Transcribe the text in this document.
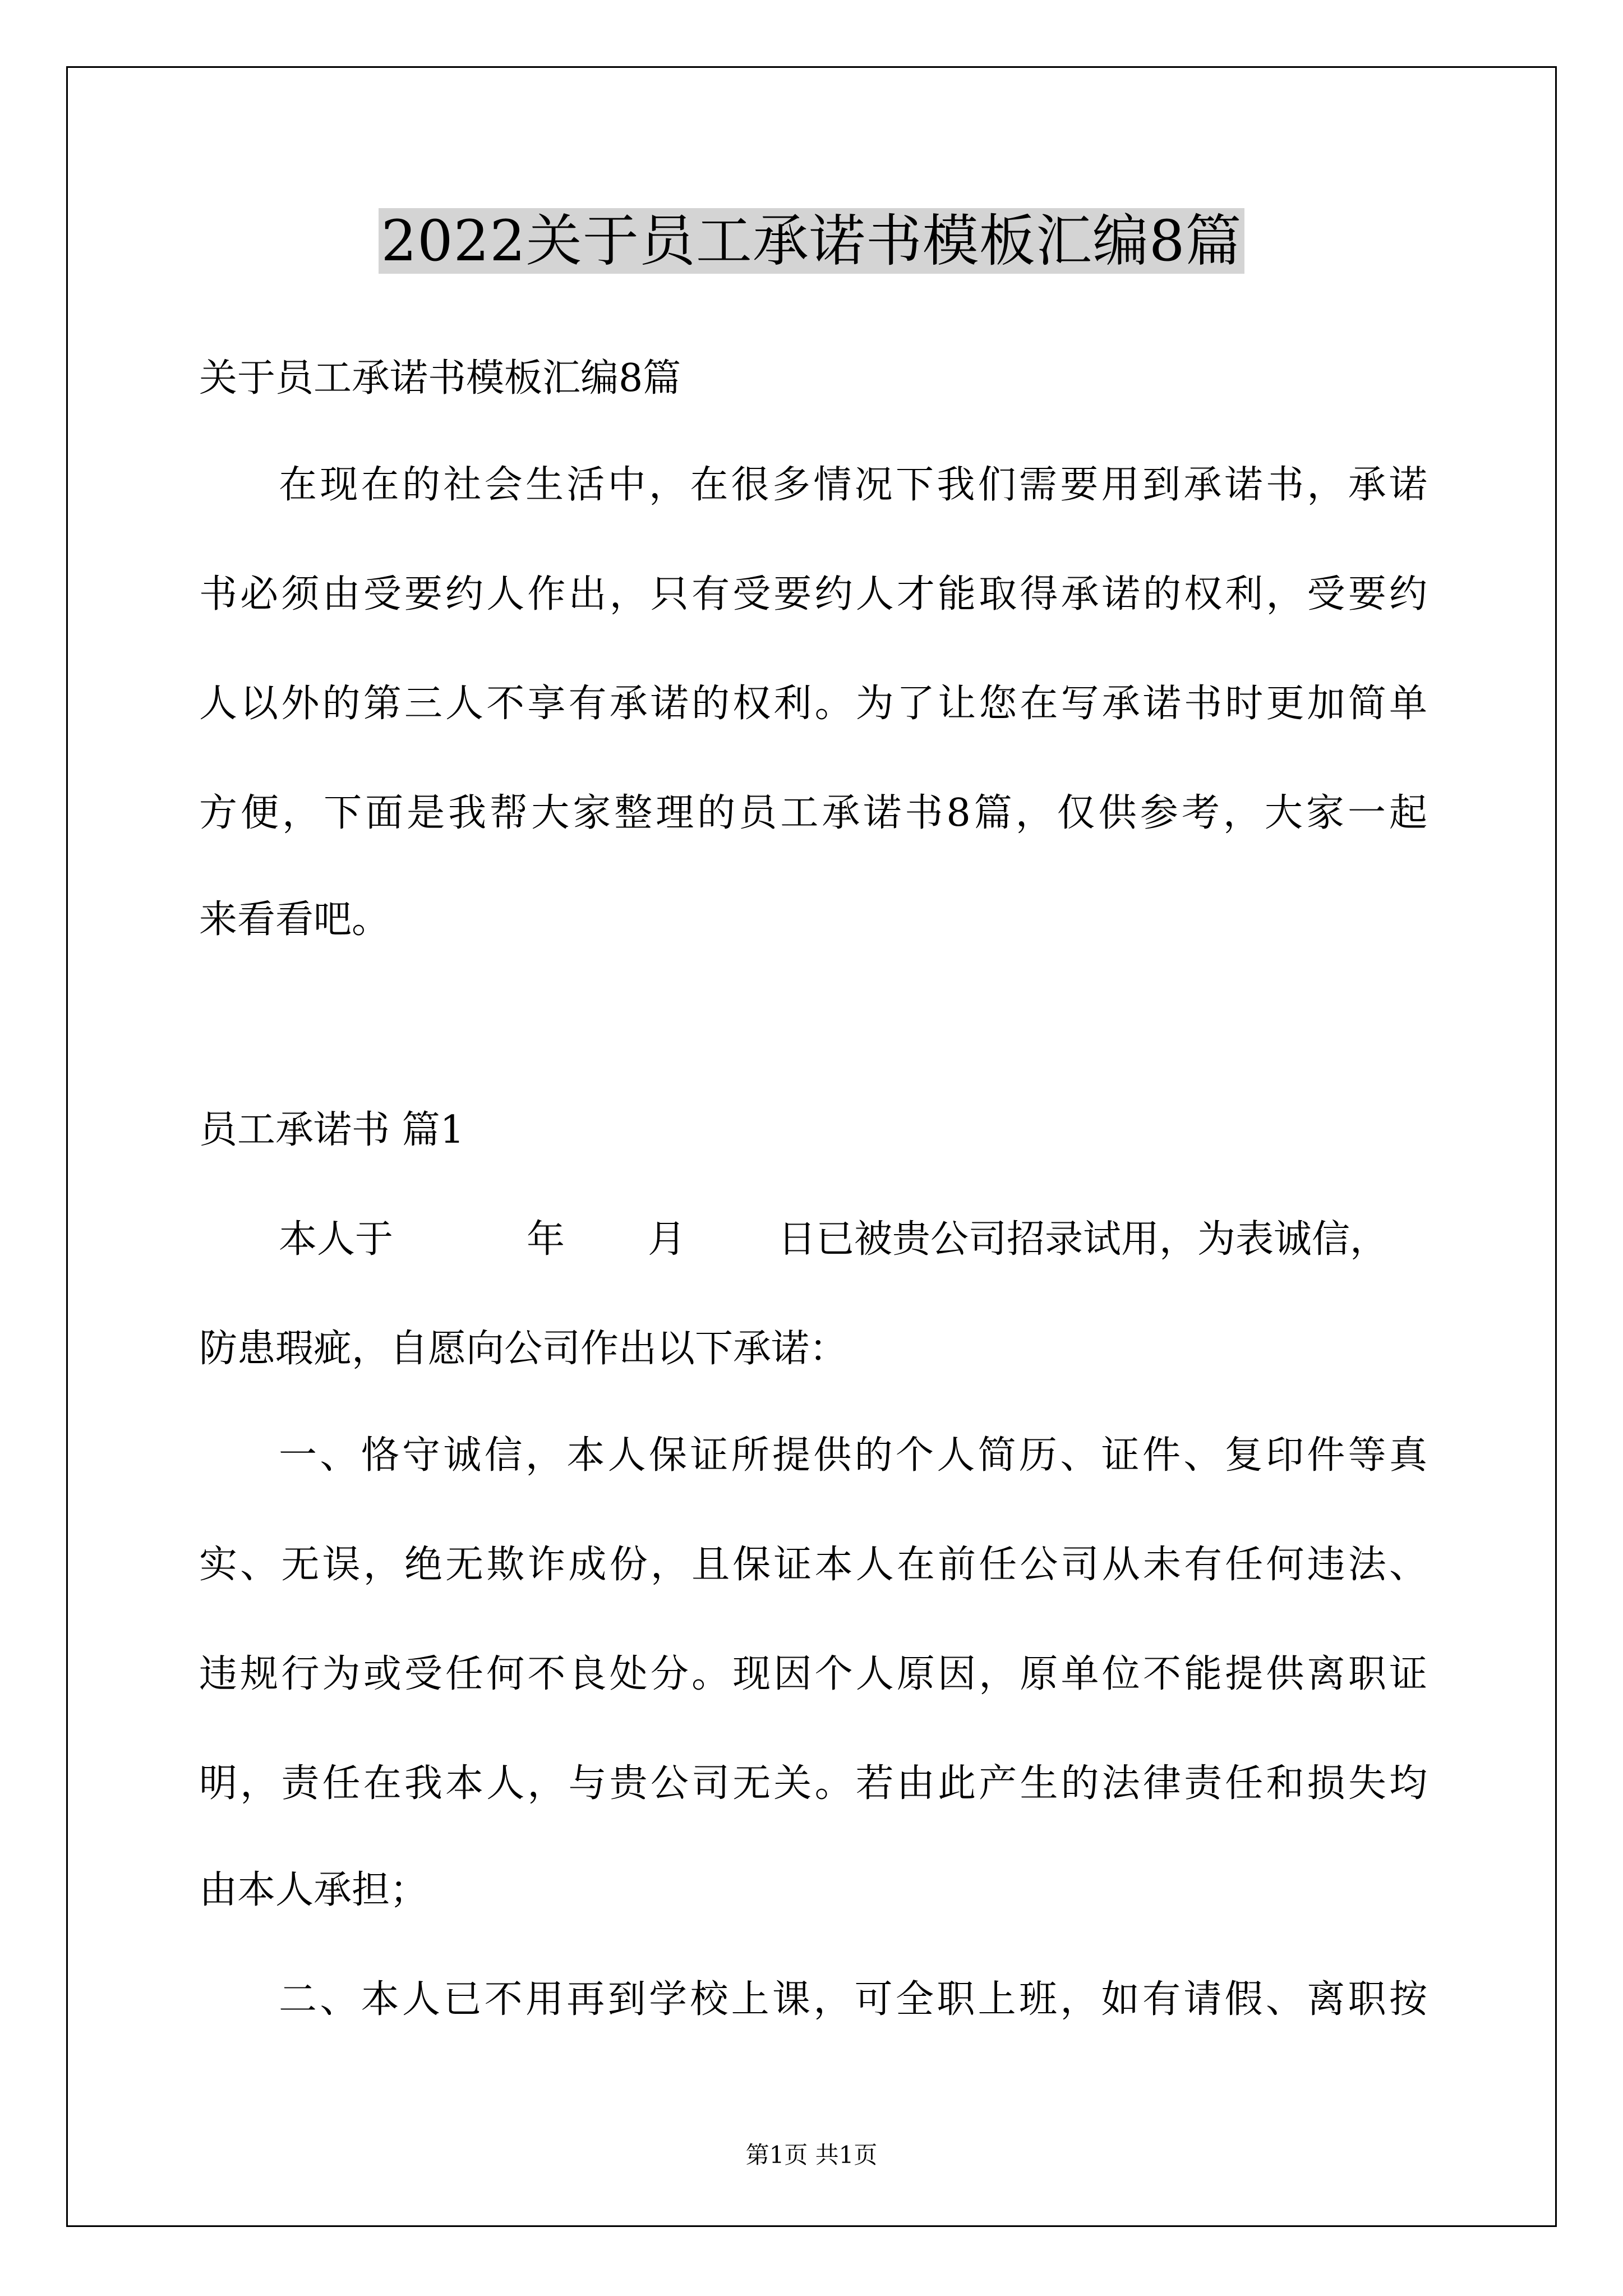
2022关于员工承诺书模板汇编8篇
关于员工承诺书模板汇编8篇
在现在的社会生活中，在很多情况下我们需要用到承诺书，承诺
书必须由受要约人作出，只有受要约人才能取得承诺的权利，受要约
人以外的第三人不享有承诺的权利。为了让您在写承诺书时更加简单
方便，下面是我帮大家整理的员工承诺书8篇，仅供参考，大家一起
来看看吧。
员工承诺书 篇1
本人于	年 月 日已被贵公司招录试用，为表诚信，
防患瑕疵，自愿向公司作出以下承诺：
一、恪守诚信，本人保证所提供的个人简历、证件、复印件等真
实、无误，绝无欺诈成份，且保证本人在前任公司从未有任何违法、
违规行为或受任何不良处分。现因个人原因，原单位不能提供离职证
明，责任在我本人，与贵公司无关。若由此产生的法律责任和损失均
由本人承担；
二、本人已不用再到学校上课，可全职上班，如有请假、离职按
第1页 共1页
